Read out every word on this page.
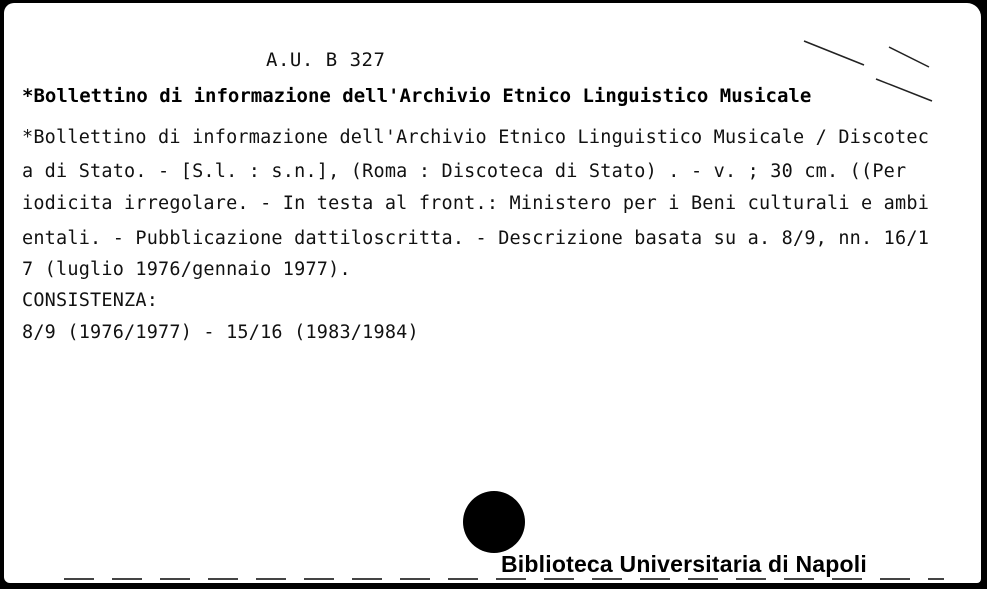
A.U. B 327
*Bollettino di informazione dell'Archivio Etnico Linguistico Musicale
*Bollettino di informazione dell'Archivio Etnico Linguistico Musicale / Discotec
a di Stato. - [S.l. : s.n.], (Roma : Discoteca di Stato) . - v. ; 30 cm. ((Per
iodicita irregolare. - In testa al front.: Ministero per i Beni culturali e ambi
entali. - Pubblicazione dattiloscritta. - Descrizione basata su a. 8/9, nn. 16/1
7 (luglio 1976/gennaio 1977).
CONSISTENZA:
8/9 (1976/1977) - 15/16 (1983/1984)
Biblioteca Universitaria di Napoli
